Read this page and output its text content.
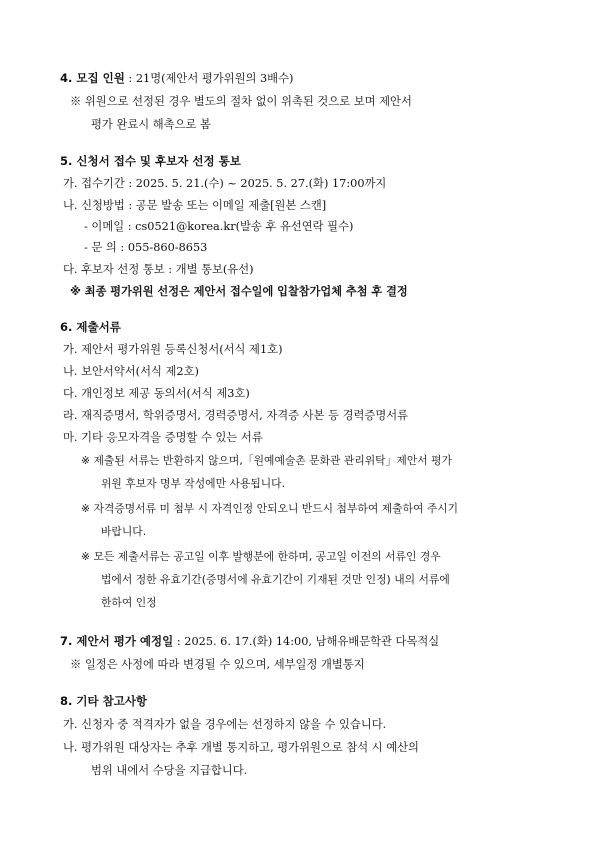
4. 모집 인원 : 21명(제안서 평가위원의 3배수)
※ 위원으로 선정된 경우 별도의 절차 없이 위촉된 것으로 보며 제안서
평가 완료시 해촉으로 봄
5. 신청서 접수 및 후보자 선정 통보
가. 접수기간 : 2025. 5. 21.(수) ~ 2025. 5. 27.(화) 17:00까지
나. 신청방법 : 공문 발송 또는 이메일 제출[원본 스캔]
- 이메일 : cs0521@korea.kr(발송 후 유선연락 필수)
- 문 의 : 055-860-8653
다. 후보자 선정 통보 : 개별 통보(유선)
※ 최종 평가위원 선정은 제안서 접수일에 입찰참가업체 추첨 후 결정
6. 제출서류
가. 제안서 평가위원 등록신청서(서식 제1호)
나. 보안서약서(서식 제2호)
다. 개인정보 제공 동의서(서식 제3호)
라. 재직증명서, 학위증명서, 경력증명서, 자격증 사본 등 경력증명서류
마. 기타 응모자격을 증명할 수 있는 서류
※ 제출된 서류는 반환하지 않으며,「원예예술촌 문화관 관리위탁」제안서 평가
위원 후보자 명부 작성에만 사용됩니다.
※ 자격증명서류 미 첨부 시 자격인정 안되오니 반드시 첨부하여 제출하여 주시기
바랍니다.
※ 모든 제출서류는 공고일 이후 발행분에 한하며, 공고일 이전의 서류인 경우
법에서 정한 유효기간(증명서에 유효기간이 기재된 것만 인정) 내의 서류에
한하여 인정
7. 제안서 평가 예정일 : 2025. 6. 17.(화) 14:00, 남해유배문학관 다목적실
※ 일정은 사정에 따라 변경될 수 있으며, 세부일정 개별통지
8. 기타 참고사항
가. 신청자 중 적격자가 없을 경우에는 선정하지 않을 수 있습니다.
나. 평가위원 대상자는 추후 개별 통지하고, 평가위원으로 참석 시 예산의
범위 내에서 수당을 지급합니다.
